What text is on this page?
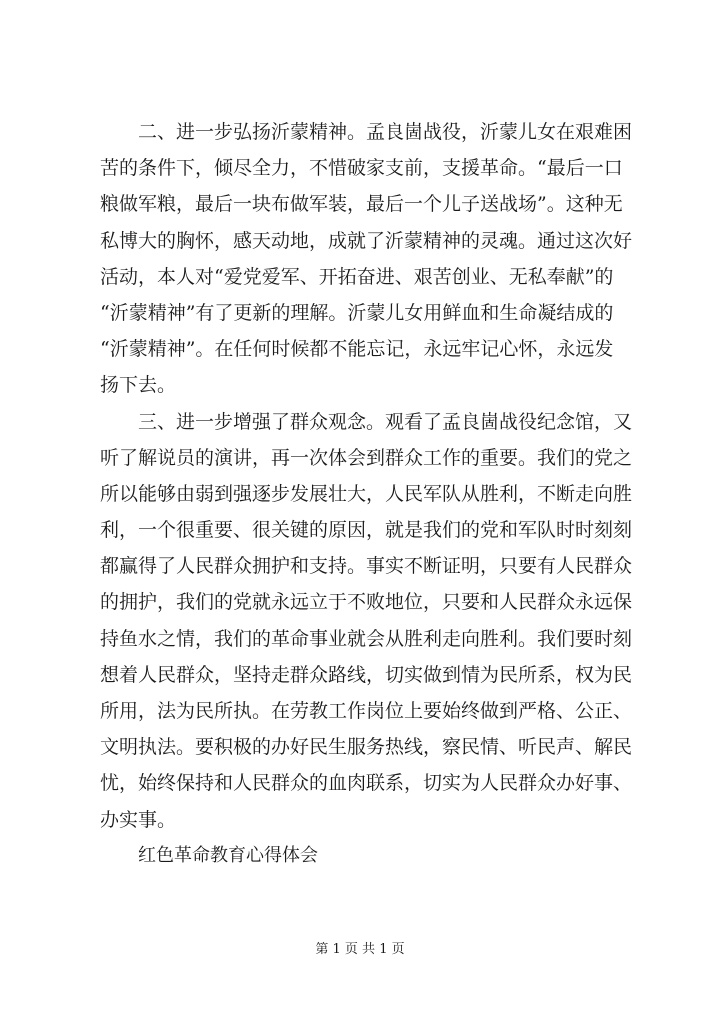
二、进一步弘扬沂蒙精神。孟良崮战役，沂蒙儿女在艰难困
苦的条件下，倾尽全力，不惜破家支前，支援革命。“最后一口
粮做军粮，最后一块布做军装，最后一个儿子送战场”。这种无
私博大的胸怀，感天动地，成就了沂蒙精神的灵魂。通过这次好
活动，本人对“爱党爱军、开拓奋进、艰苦创业、无私奉献”的
“沂蒙精神”有了更新的理解。沂蒙儿女用鲜血和生命凝结成的
“沂蒙精神”。在任何时候都不能忘记，永远牢记心怀，永远发
扬下去。
三、进一步增强了群众观念。观看了孟良崮战役纪念馆，又
听了解说员的演讲，再一次体会到群众工作的重要。我们的党之
所以能够由弱到强逐步发展壮大，人民军队从胜利，不断走向胜
利，一个很重要、很关键的原因，就是我们的党和军队时时刻刻
都赢得了人民群众拥护和支持。事实不断证明，只要有人民群众
的拥护，我们的党就永远立于不败地位，只要和人民群众永远保
持鱼水之情，我们的革命事业就会从胜利走向胜利。我们要时刻
想着人民群众，坚持走群众路线，切实做到情为民所系，权为民
所用，法为民所执。在劳教工作岗位上要始终做到严格、公正、
文明执法。要积极的办好民生服务热线，察民情、听民声、解民
忧，始终保持和人民群众的血肉联系，切实为人民群众办好事、
办实事。
红色革命教育心得体会
第 1 页 共 1 页
